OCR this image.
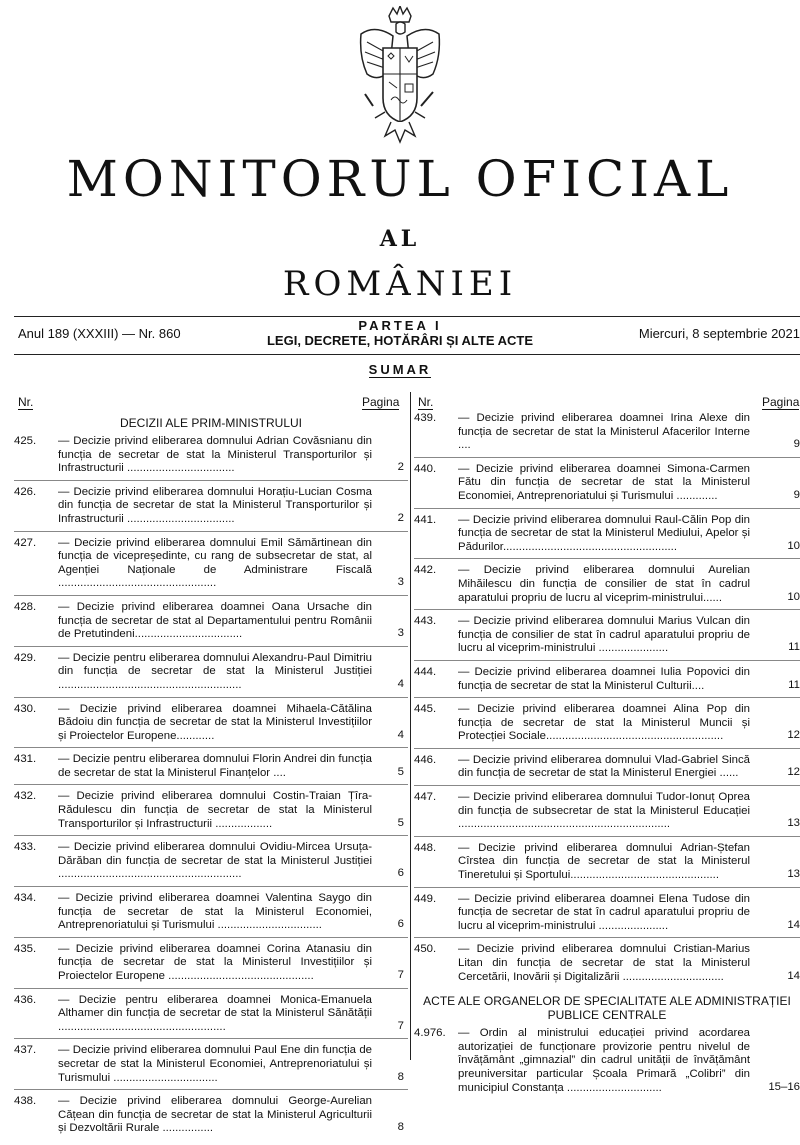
MONITORUL OFICIAL
AL
ROMÂNIEI
Anul 189 (XXXIII) — Nr. 860
PARTEA I
LEGI, DECRETE, HOTĂRÂRI ȘI ALTE ACTE	Miercuri, 8 septembrie 2021
SUMAR
Nr.	Pagina Nr.	Pagina
DECIZII ALE PRIM-MINISTRULUI
425. — Decizie privind eliberarea domnului Adrian Covăsnianu din funcția de secretar de stat la Ministerul Transporturilor și Infrastructurii ..................................	2
426. — Decizie privind eliberarea domnului Horațiu-Lucian Cosma din funcția de secretar de stat la Ministerul Transporturilor și Infrastructurii ..................................	2
427. — Decizie privind eliberarea domnului Emil Sămărtinean din funcția de vicepreședinte, cu rang de subsecretar de stat, al Agenției Naționale de Administrare Fiscală ..................................................	3
428. — Decizie privind eliberarea doamnei Oana Ursache din funcția de secretar de stat al Departamentului pentru Românii de Pretutindeni..................................	3
429. — Decizie pentru eliberarea domnului Alexandru-Paul Dimitriu din funcția de secretar de stat la Ministerul Justiției ..........................................................	4
430. — Decizie privind eliberarea doamnei Mihaela-Cătălina Bădoiu din funcția de secretar de stat la Ministerul Investițiilor și Proiectelor Europene............	4
431. — Decizie pentru eliberarea domnului Florin Andrei din funcția de secretar de stat la Ministerul Finanțelor ....	5
432. — Decizie privind eliberarea domnului Costin-Traian Țîra-Rădulescu din funcția de secretar de stat la Ministerul Transporturilor și Infrastructurii ..................	5
433. — Decizie privind eliberarea domnului Ovidiu-Mircea Ursuța-Dărăban din funcția de secretar de stat la Ministerul Justiției ..........................................................	6
434. — Decizie privind eliberarea doamnei Valentina Saygo din funcția de secretar de stat la Ministerul Economiei, Antreprenoriatului și Turismului .................................	6
435. — Decizie privind eliberarea doamnei Corina Atanasiu din funcția de secretar de stat la Ministerul Investițiilor și Proiectelor Europene ..............................................	7
436. — Decizie pentru eliberarea doamnei Monica-Emanuela Althamer din funcția de secretar de stat la Ministerul Sănătății .....................................................	7
437. — Decizie privind eliberarea domnului Paul Ene din funcția de secretar de stat la Ministerul Economiei, Antreprenoriatului și Turismului .................................	8
438. — Decizie privind eliberarea domnului George-Aurelian Cățean din funcția de secretar de stat la Ministerul Agriculturii și Dezvoltării Rurale ................	8
439. — Decizie privind eliberarea doamnei Irina Alexe din funcția de secretar de stat la Ministerul Afacerilor Interne ....	9
440. — Decizie privind eliberarea doamnei Simona-Carmen Fătu din funcția de secretar de stat la Ministerul Economiei, Antreprenoriatului și Turismului .............	9
441. — Decizie privind eliberarea domnului Raul-Călin Pop din funcția de secretar de stat la Ministerul Mediului, Apelor și Pădurilor.......................................................	10
442. — Decizie privind eliberarea domnului Aurelian Mihăilescu din funcția de consilier de stat în cadrul aparatului propriu de lucru al viceprim-ministrului......	10
443. — Decizie privind eliberarea domnului Marius Vulcan din funcția de consilier de stat în cadrul aparatului propriu de lucru al viceprim-ministrului ......................	11
444. — Decizie privind eliberarea doamnei Iulia Popovici din funcția de secretar de stat la Ministerul Culturii....	11
445. — Decizie privind eliberarea doamnei Alina Pop din funcția de secretar de stat la Ministerul Muncii și Protecției Sociale........................................................	12
446. — Decizie privind eliberarea domnului Vlad-Gabriel Sincă din funcția de secretar de stat la Ministerul Energiei ......	12
447. — Decizie privind eliberarea domnului Tudor-Ionuț Oprea din funcția de subsecretar de stat la Ministerul Educației ...................................................................	13
448. — Decizie privind eliberarea domnului Adrian-Ștefan Cîrstea din funcția de secretar de stat la Ministerul Tineretului și Sportului...............................................	13
449. — Decizie privind eliberarea doamnei Elena Tudose din funcția de secretar de stat în cadrul aparatului propriu de lucru al viceprim-ministrului ......................	14
450. — Decizie privind eliberarea domnului Cristian-Marius Litan din funcția de secretar de stat la Ministerul Cercetării, Inovării și Digitalizării ................................	14
ACTE ALE ORGANELOR DE SPECIALITATE ALE ADMINISTRAȚIEI PUBLICE CENTRALE
4.976. — Ordin al ministrului educației privind acordarea autorizației de funcționare provizorie pentru nivelul de învățământ „gimnazial” din cadrul unității de învățământ preuniversitar particular Școala Primară „Colibri” din municipiul Constanța ..............................	15–16
